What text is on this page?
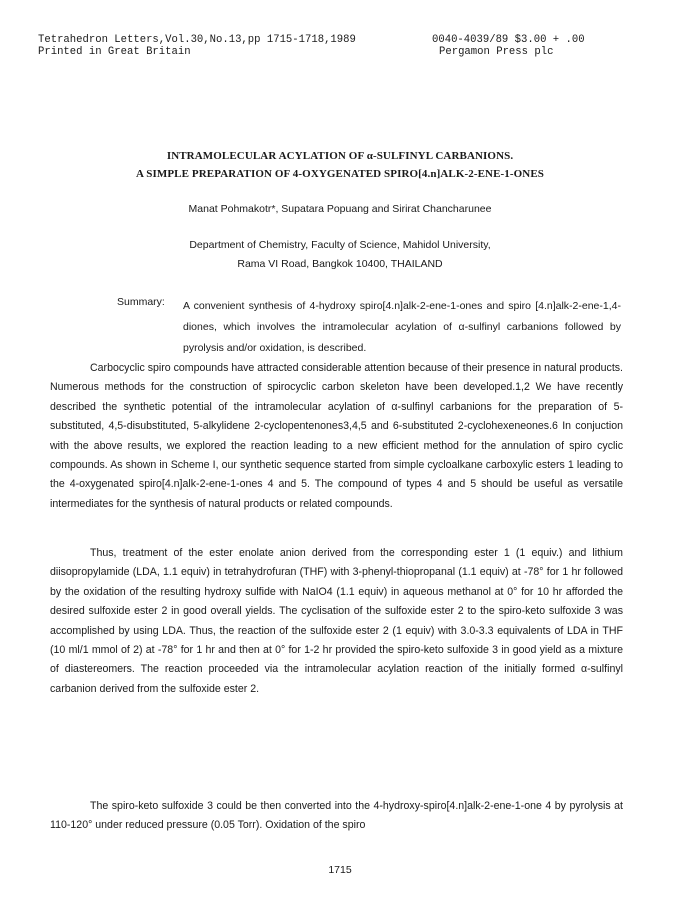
Tetrahedron Letters,Vol.30,No.13,pp 1715-1718,1989
Printed in Great Britain
0040-4039/89 $3.00 + .00
Pergamon Press plc
INTRAMOLECULAR ACYLATION OF α-SULFINYL CARBANIONS.
A SIMPLE PREPARATION OF 4-OXYGENATED SPIRO[4.n]ALK-2-ENE-1-ONES
Manat Pohmakotr*, Supatara Popuang and Sirirat Chancharunee
Department of Chemistry, Faculty of Science, Mahidol University,
Rama VI Road, Bangkok 10400, THAILAND
Summary: A convenient synthesis of 4-hydroxy spiro[4.n]alk-2-ene-1-ones and spiro [4.n]alk-2-ene-1,4-diones, which involves the intramolecular acylation of α-sulfinyl carbanions followed by pyrolysis and/or oxidation, is described.
Carbocyclic spiro compounds have attracted considerable attention because of their presence in natural products. Numerous methods for the construction of spirocyclic carbon skeleton have been developed.1,2 We have recently described the synthetic potential of the intramolecular acylation of α-sulfinyl carbanions for the preparation of 5-substituted, 4,5-disubstituted, 5-alkylidene 2-cyclopentenones3,4,5 and 6-substituted 2-cyclohexeneones.6 In conjuction with the above results, we explored the reaction leading to a new efficient method for the annulation of spiro cyclic compounds. As shown in Scheme I, our synthetic sequence started from simple cycloalkane carboxylic esters 1 leading to the 4-oxygenated spiro[4.n]alk-2-ene-1-ones 4 and 5. The compound of types 4 and 5 should be useful as versatile intermediates for the synthesis of natural products or related compounds.
Thus, treatment of the ester enolate anion derived from the corresponding ester 1 (1 equiv.) and lithium diisopropylamide (LDA, 1.1 equiv) in tetrahydrofuran (THF) with 3-phenyl-thiopropanal (1.1 equiv) at -78° for 1 hr followed by the oxidation of the resulting hydroxy sulfide with NaIO4 (1.1 equiv) in aqueous methanol at 0° for 10 hr afforded the desired sulfoxide ester 2 in good overall yields. The cyclisation of the sulfoxide ester 2 to the spiro-keto sulfoxide 3 was accomplished by using LDA. Thus, the reaction of the sulfoxide ester 2 (1 equiv) with 3.0-3.3 equivalents of LDA in THF (10 ml/1 mmol of 2) at -78° for 1 hr and then at 0° for 1-2 hr provided the spiro-keto sulfoxide 3 in good yield as a mixture of diastereomers. The reaction proceeded via the intramolecular acylation reaction of the initially formed α-sulfinyl carbanion derived from the sulfoxide ester 2.
The spiro-keto sulfoxide 3 could be then converted into the 4-hydroxy-spiro[4.n]alk-2-ene-1-one 4 by pyrolysis at 110-120° under reduced pressure (0.05 Torr). Oxidation of the spiro
1715
